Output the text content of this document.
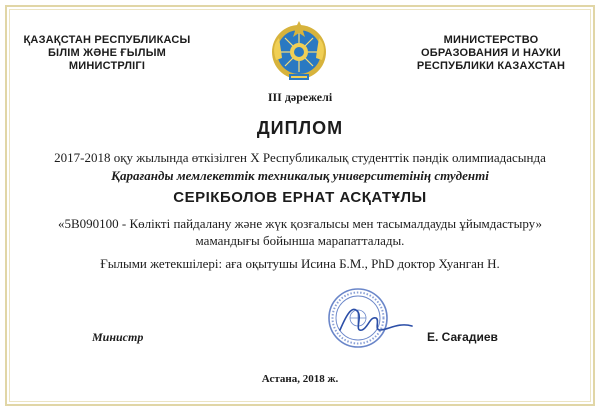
ҚАЗАҚСТАН РЕСПУБЛИКАСЫ
БІЛІМ ЖӘНЕ ҒЫЛЫМ
МИНИСТРЛІГІ
МИНИСТЕРСТВО
ОБРАЗОВАНИЯ И НАУКИ
РЕСПУБЛИКИ КАЗАХСТАН
III дәрежелі
ДИПЛОМ
2017-2018 оқу жылында өткізілген Х Республикалық студенттік пәндік олимпиадасында
Қарағанды мемлекеттік техникалық университетінің студенті
СЕРІКБОЛОВ ЕРНАТ АСҚАТҰЛЫ
«5B090100 - Көлікті пайдалану және жүк қозғалысы мен тасымалдауды ұйымдастыру»
мамандығы бойынша марапатталады.
Ғылыми жетекшілері: аға оқытушы Исина Б.М., PhD доктор Хуанган Н.
Министр	Е. Сағадиев
Астана, 2018 ж.
